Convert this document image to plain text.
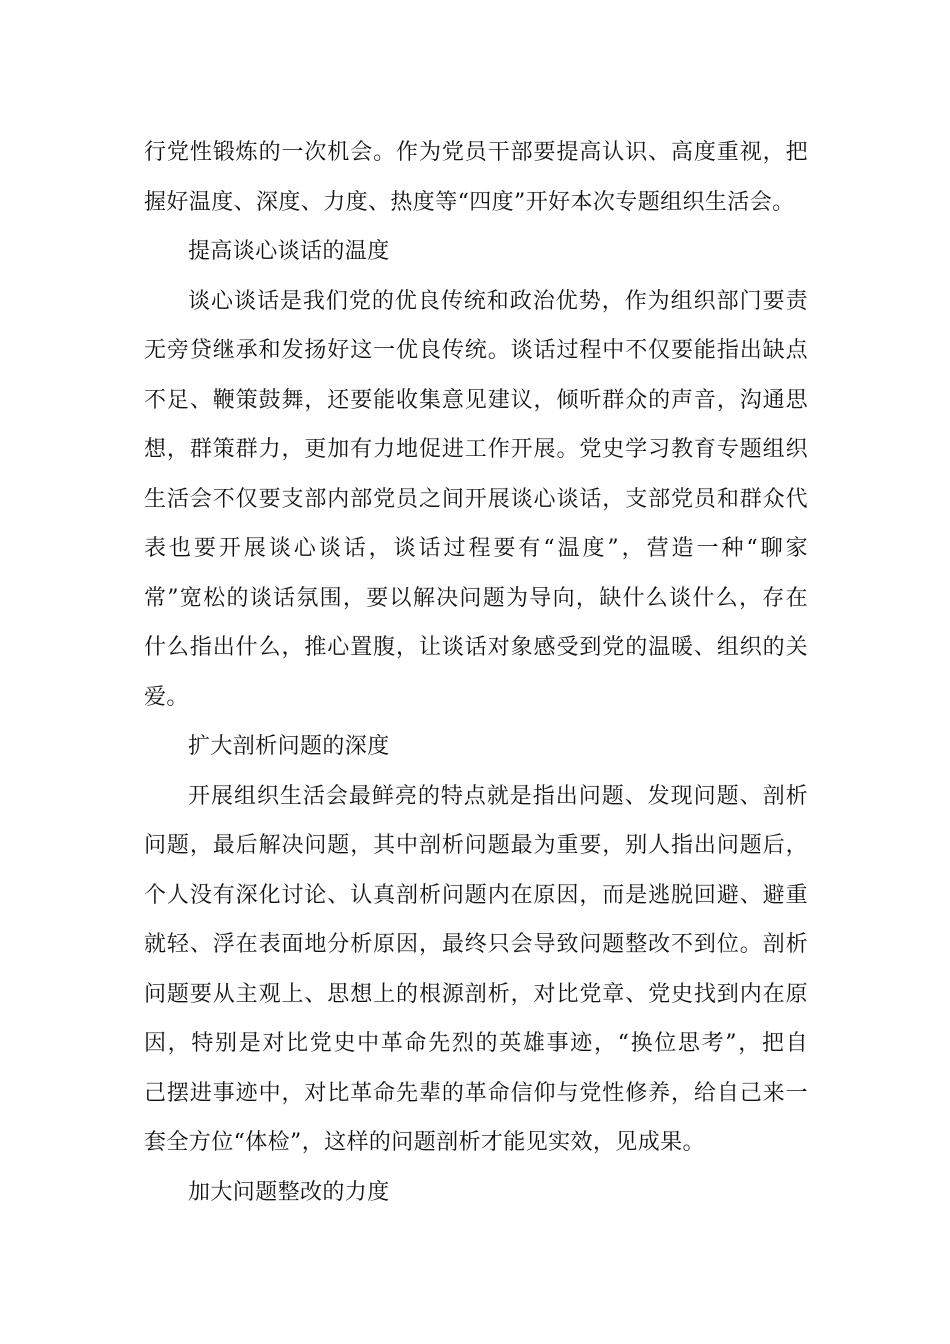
行党性锻炼的一次机会。作为党员干部要提高认识、高度重视，把
握好温度、深度、力度、热度等“四度”开好本次专题组织生活会。
提高谈心谈话的温度
谈心谈话是我们党的优良传统和政治优势，作为组织部门要责
无旁贷继承和发扬好这一优良传统。谈话过程中不仅要能指出缺点
不足、鞭策鼓舞，还要能收集意见建议，倾听群众的声音，沟通思
想，群策群力，更加有力地促进工作开展。党史学习教育专题组织
生活会不仅要支部内部党员之间开展谈心谈话，支部党员和群众代
表也要开展谈心谈话，谈话过程要有“温度”，营造一种“聊家
常”宽松的谈话氛围，要以解决问题为导向，缺什么谈什么，存在
什么指出什么，推心置腹，让谈话对象感受到党的温暖、组织的关
爱。
扩大剖析问题的深度
开展组织生活会最鲜亮的特点就是指出问题、发现问题、剖析
问题，最后解决问题，其中剖析问题最为重要，别人指出问题后，
个人没有深化讨论、认真剖析问题内在原因，而是逃脱回避、避重
就轻、浮在表面地分析原因，最终只会导致问题整改不到位。剖析
问题要从主观上、思想上的根源剖析，对比党章、党史找到内在原
因，特别是对比党史中革命先烈的英雄事迹，“换位思考”，把自
己摆进事迹中，对比革命先辈的革命信仰与党性修养，给自己来一
套全方位“体检”，这样的问题剖析才能见实效，见成果。
加大问题整改的力度
